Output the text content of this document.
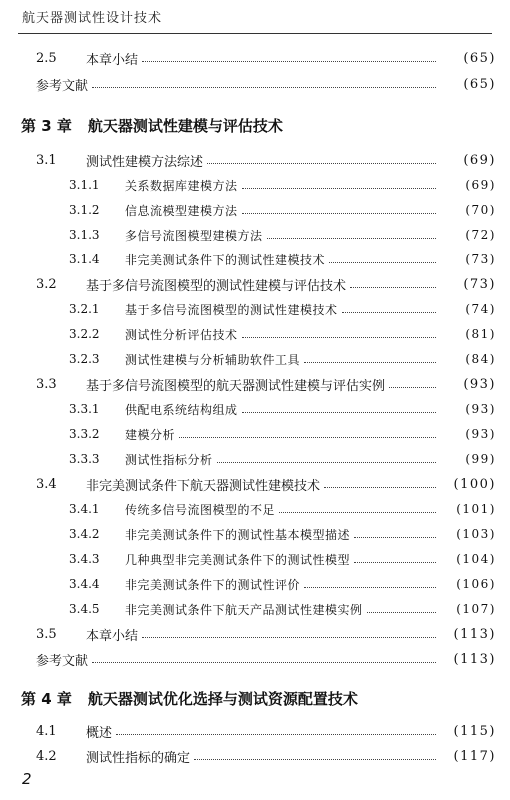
航天器测试性设计技术
2.5	本章小结	(65)
参考文献	(65)
第 3 章 航天器测试性建模与评估技术
3.1	测试性建模方法综述	(69)
3.1.1	关系数据库建模方法	(69)
3.1.2	信息流模型建模方法	(70)
3.1.3	多信号流图模型建模方法	(72)
3.1.4	非完美测试条件下的测试性建模技术	(73)
3.2	基于多信号流图模型的测试性建模与评估技术	(73)
3.2.1	基于多信号流图模型的测试性建模技术	(74)
3.2.2	测试性分析评估技术	(81)
3.2.3	测试性建模与分析辅助软件工具	(84)
3.3	基于多信号流图模型的航天器测试性建模与评估实例	(93)
3.3.1	供配电系统结构组成	(93)
3.3.2	建模分析	(93)
3.3.3	测试性指标分析	(99)
3.4	非完美测试条件下航天器测试性建模技术	(100)
3.4.1	传统多信号流图模型的不足	(101)
3.4.2	非完美测试条件下的测试性基本模型描述	(103)
3.4.3	几种典型非完美测试条件下的测试性模型	(104)
3.4.4	非完美测试条件下的测试性评价	(106)
3.4.5	非完美测试条件下航天产品测试性建模实例	(107)
3.5	本章小结	(113)
参考文献	(113)
第 4 章 航天器测试优化选择与测试资源配置技术
4.1	概述	(115)
4.2	测试性指标的确定	(117)
2
